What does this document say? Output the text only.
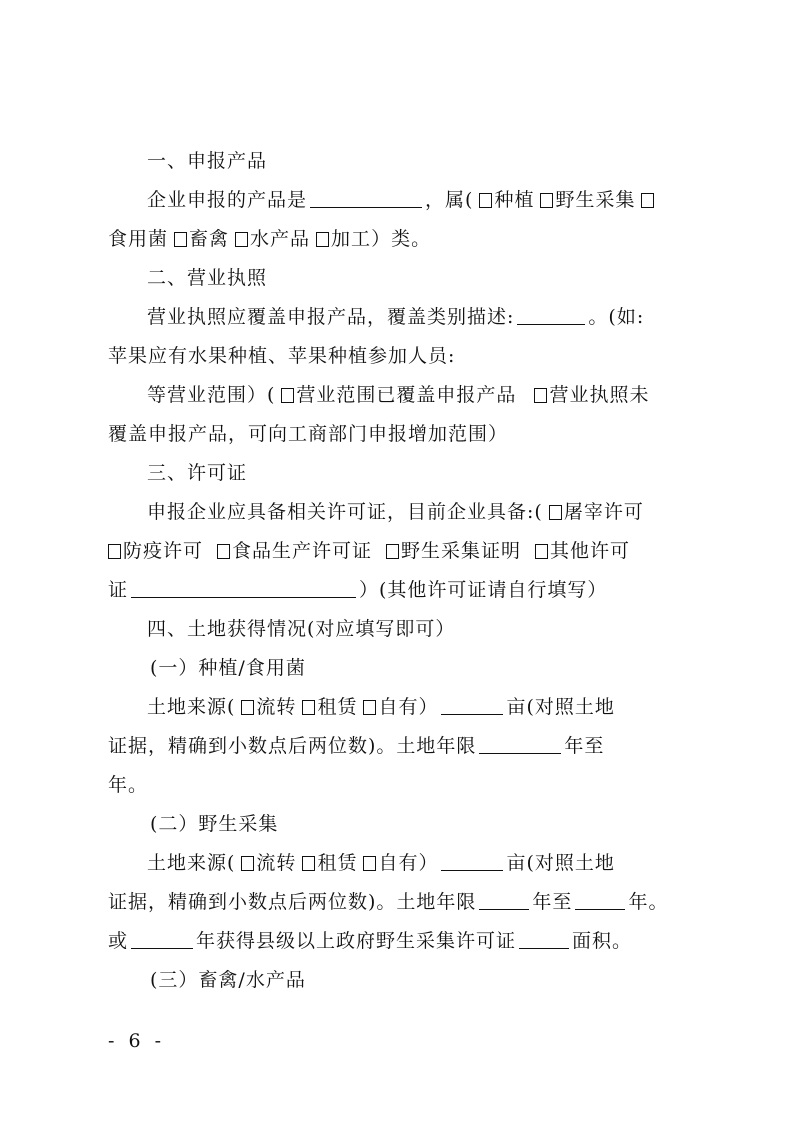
一、申报产品
企业申报的产品是	，属( 种植 野生采集
食用菌 畜禽 水产品 加工）类。
二、营业执照
营业执照应覆盖申报产品，覆盖类别描述:	。(如:
苹果应有水果种植、苹果种植参加人员:
等营业范围）( 营业范围已覆盖申报产品 营业执照未
覆盖申报产品，可向工商部门申报增加范围）
三、许可证
申报企业应具备相关许可证，目前企业具备:( 屠宰许可
防疫许可 食品生产许可证 野生采集证明 其他许可
证	）(其他许可证请自行填写）
四、土地获得情况(对应填写即可）
(一）种植/食用菌
土地来源( 流转 租赁 自有）	亩(对照土地
证据，精确到小数点后两位数)。土地年限	年至
年。
(二）野生采集
土地来源( 流转 租赁 自有）	亩(对照土地
证据，精确到小数点后两位数)。土地年限	年至	年。
或	年获得县级以上政府野生采集许可证	面积。
(三）畜禽/水产品
- 6 -
